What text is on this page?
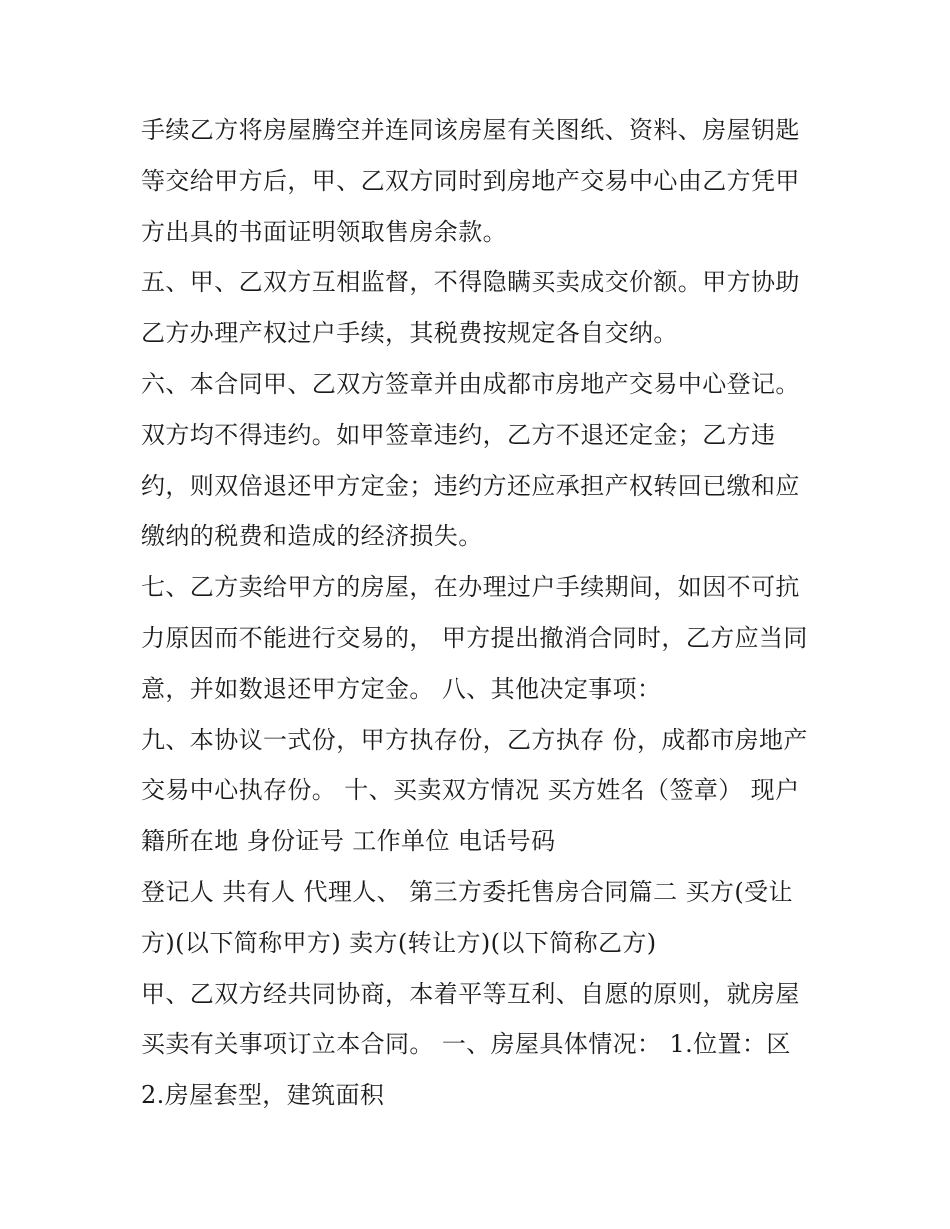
手续乙方将房屋腾空并连同该房屋有关图纸、资料、房屋钥匙等交给甲方后，甲、乙双方同时到房地产交易中心由乙方凭甲方出具的书面证明领取售房余款。

五、甲、乙双方互相监督，不得隐瞒买卖成交价额。甲方协助乙方办理产权过户手续，其税费按规定各自交纳。

六、本合同甲、乙双方签章并由成都市房地产交易中心登记。双方均不得违约。如甲签章违约，乙方不退还定金；乙方违约，则双倍退还甲方定金；违约方还应承担产权转回已缴和应缴纳的税费和造成的经济损失。

七、乙方卖给甲方的房屋，在办理过户手续期间，如因不可抗力原因而不能进行交易的， 甲方提出撤消合同时，乙方应当同意，并如数退还甲方定金。 八、其他决定事项：

九、本协议一式份，甲方执存份，乙方执存 份，成都市房地产交易中心执存份。 十、买卖双方情况 买方姓名（签章） 现户籍所在地 身份证号 工作单位 电话号码

登记人 共有人 代理人、 第三方委托售房合同篇二 买方(受让方)(以下简称甲方) 卖方(转让方)(以下简称乙方)

甲、乙双方经共同协商，本着平等互利、自愿的原则，就房屋买卖有关事项订立本合同。 一、房屋具体情况： 1.位置：区

2.房屋套型，建筑面积
